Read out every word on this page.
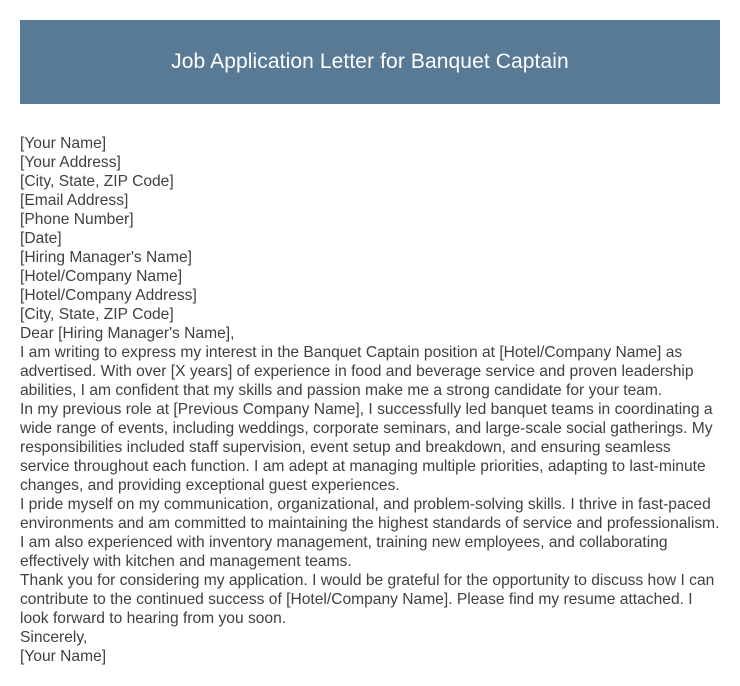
Job Application Letter for Banquet Captain
[Your Name]
[Your Address]
[City, State, ZIP Code]
[Email Address]
[Phone Number]
[Date]
[Hiring Manager's Name]
[Hotel/Company Name]
[Hotel/Company Address]
[City, State, ZIP Code]
Dear [Hiring Manager's Name],
I am writing to express my interest in the Banquet Captain position at [Hotel/Company Name] as advertised. With over [X years] of experience in food and beverage service and proven leadership abilities, I am confident that my skills and passion make me a strong candidate for your team.
In my previous role at [Previous Company Name], I successfully led banquet teams in coordinating a wide range of events, including weddings, corporate seminars, and large-scale social gatherings. My responsibilities included staff supervision, event setup and breakdown, and ensuring seamless service throughout each function. I am adept at managing multiple priorities, adapting to last-minute changes, and providing exceptional guest experiences.
I pride myself on my communication, organizational, and problem-solving skills. I thrive in fast-paced environments and am committed to maintaining the highest standards of service and professionalism. I am also experienced with inventory management, training new employees, and collaborating effectively with kitchen and management teams.
Thank you for considering my application. I would be grateful for the opportunity to discuss how I can contribute to the continued success of [Hotel/Company Name]. Please find my resume attached. I look forward to hearing from you soon.
Sincerely,
[Your Name]
